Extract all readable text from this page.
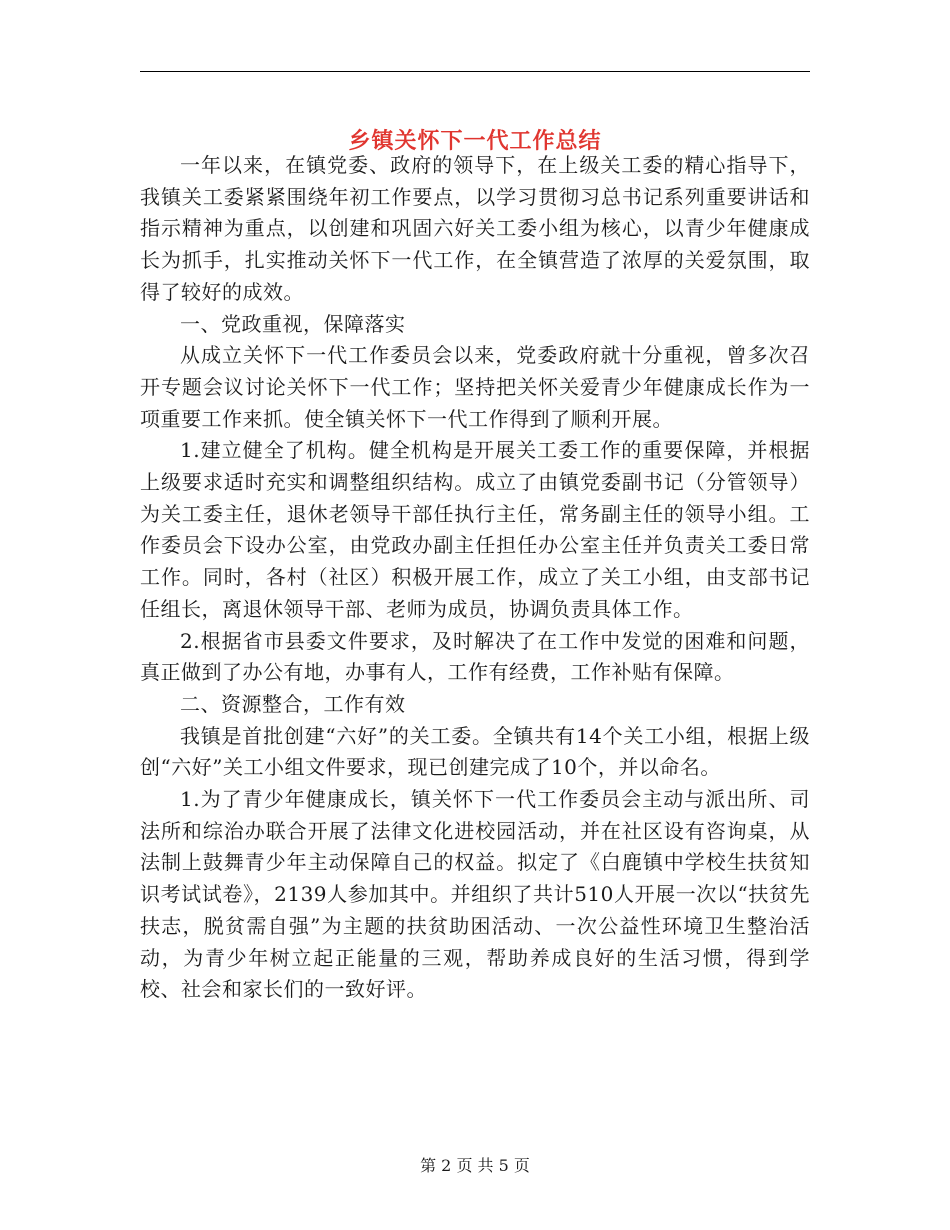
乡镇关怀下一代工作总结

一年以来，在镇党委、政府的领导下，在上级关工委的精心指导下，我镇关工委紧紧围绕年初工作要点，以学习贯彻习总书记系列重要讲话和指示精神为重点，以创建和巩固六好关工委小组为核心，以青少年健康成长为抓手，扎实推动关怀下一代工作，在全镇营造了浓厚的关爱氛围，取得了较好的成效。

一、党政重视，保障落实

从成立关怀下一代工作委员会以来，党委政府就十分重视，曾多次召开专题会议讨论关怀下一代工作；坚持把关怀关爱青少年健康成长作为一项重要工作来抓。使全镇关怀下一代工作得到了顺利开展。

1.建立健全了机构。健全机构是开展关工委工作的重要保障，并根据上级要求适时充实和调整组织结构。成立了由镇党委副书记（分管领导）为关工委主任，退休老领导干部任执行主任，常务副主任的领导小组。工作委员会下设办公室，由党政办副主任担任办公室主任并负责关工委日常工作。同时，各村（社区）积极开展工作，成立了关工小组，由支部书记任组长，离退休领导干部、老师为成员，协调负责具体工作。

2.根据省市县委文件要求，及时解决了在工作中发觉的困难和问题，真正做到了办公有地，办事有人，工作有经费，工作补贴有保障。

二、资源整合，工作有效

我镇是首批创建“六好”的关工委。全镇共有14个关工小组，根据上级创“六好”关工小组文件要求，现已创建完成了10个，并以命名。

1.为了青少年健康成长，镇关怀下一代工作委员会主动与派出所、司法所和综治办联合开展了法律文化进校园活动，并在社区设有咨询桌，从法制上鼓舞青少年主动保障自己的权益。拟定了《白鹿镇中学校生扶贫知识考试试卷》，2139人参加其中。并组织了共计510人开展一次以“扶贫先扶志，脱贫需自强”为主题的扶贫助困活动、一次公益性环境卫生整治活动，为青少年树立起正能量的三观，帮助养成良好的生活习惯，得到学校、社会和家长们的一致好评。

第 2 页 共 5 页
